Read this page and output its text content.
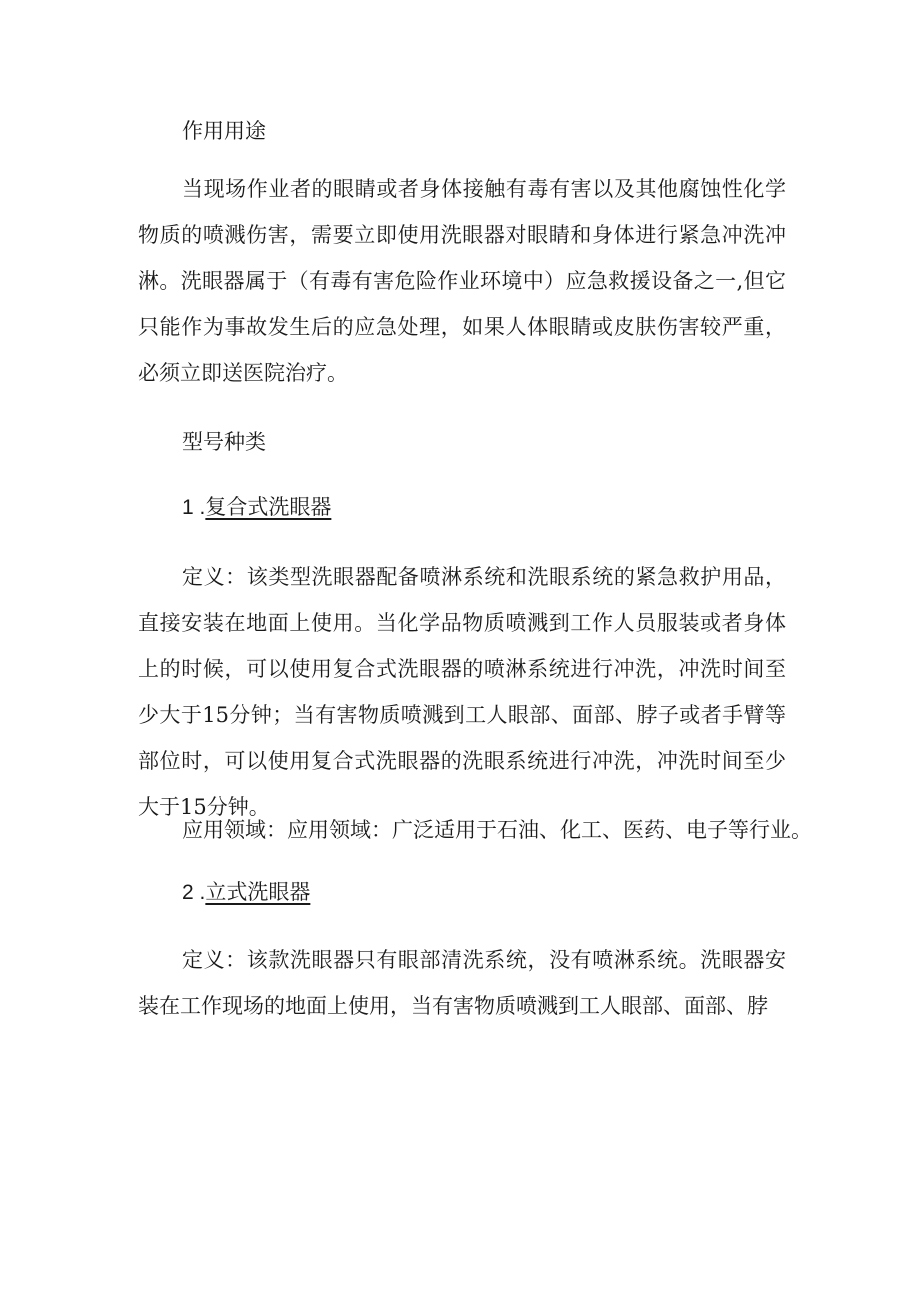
作用用途

当现场作业者的眼睛或者身体接触有毒有害以及其他腐蚀性化学物质的喷溅伤害，需要立即使用洗眼器对眼睛和身体进行紧急冲洗冲淋。洗眼器属于（有毒有害危险作业环境中）应急救援设备之一,但它只能作为事故发生后的应急处理，如果人体眼睛或皮肤伤害较严重，必须立即送医院治疗。

型号种类

1 .复合式洗眼器

定义：该类型洗眼器配备喷淋系统和洗眼系统的紧急救护用品，直接安装在地面上使用。当化学品物质喷溅到工作人员服装或者身体上的时候，可以使用复合式洗眼器的喷淋系统进行冲洗，冲洗时间至少大于15分钟；当有害物质喷溅到工人眼部、面部、脖子或者手臂等部位时，可以使用复合式洗眼器的洗眼系统进行冲洗，冲洗时间至少大于15分钟。

应用领域：应用领域：广泛适用于石油、化工、医药、电子等行业。

2 .立式洗眼器

定义：该款洗眼器只有眼部清洗系统，没有喷淋系统。洗眼器安装在工作现场的地面上使用，当有害物质喷溅到工人眼部、面部、脖
